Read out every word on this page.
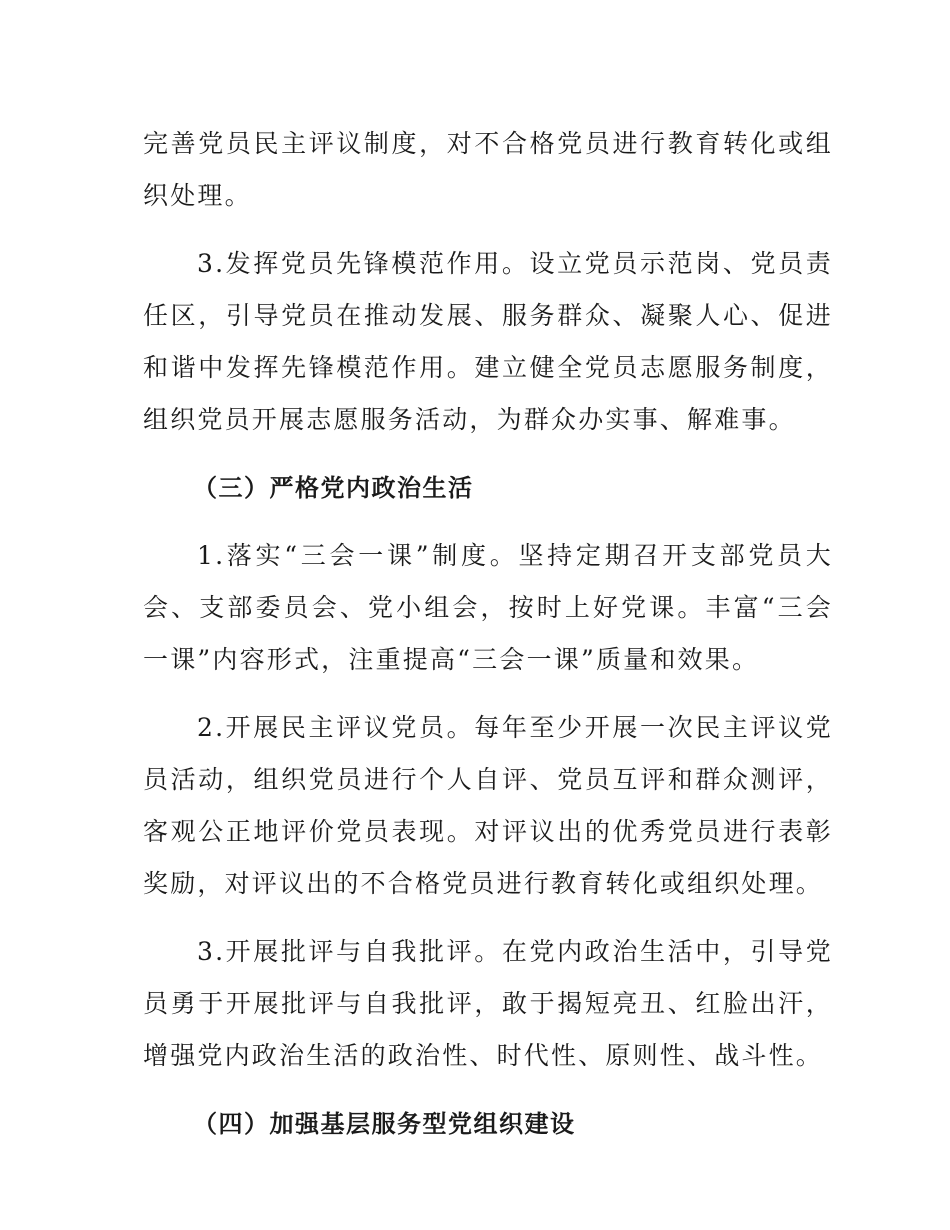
完善党员民主评议制度，对不合格党员进行教育转化或组织处理。

3.发挥党员先锋模范作用。设立党员示范岗、党员责任区，引导党员在推动发展、服务群众、凝聚人心、促进和谐中发挥先锋模范作用。建立健全党员志愿服务制度，组织党员开展志愿服务活动，为群众办实事、解难事。

（三）严格党内政治生活

1.落实“三会一课”制度。坚持定期召开支部党员大会、支部委员会、党小组会，按时上好党课。丰富“三会一课”内容形式，注重提高“三会一课”质量和效果。

2.开展民主评议党员。每年至少开展一次民主评议党员活动，组织党员进行个人自评、党员互评和群众测评，客观公正地评价党员表现。对评议出的优秀党员进行表彰奖励，对评议出的不合格党员进行教育转化或组织处理。

3.开展批评与自我批评。在党内政治生活中，引导党员勇于开展批评与自我批评，敢于揭短亮丑、红脸出汗，增强党内政治生活的政治性、时代性、原则性、战斗性。

（四）加强基层服务型党组织建设
